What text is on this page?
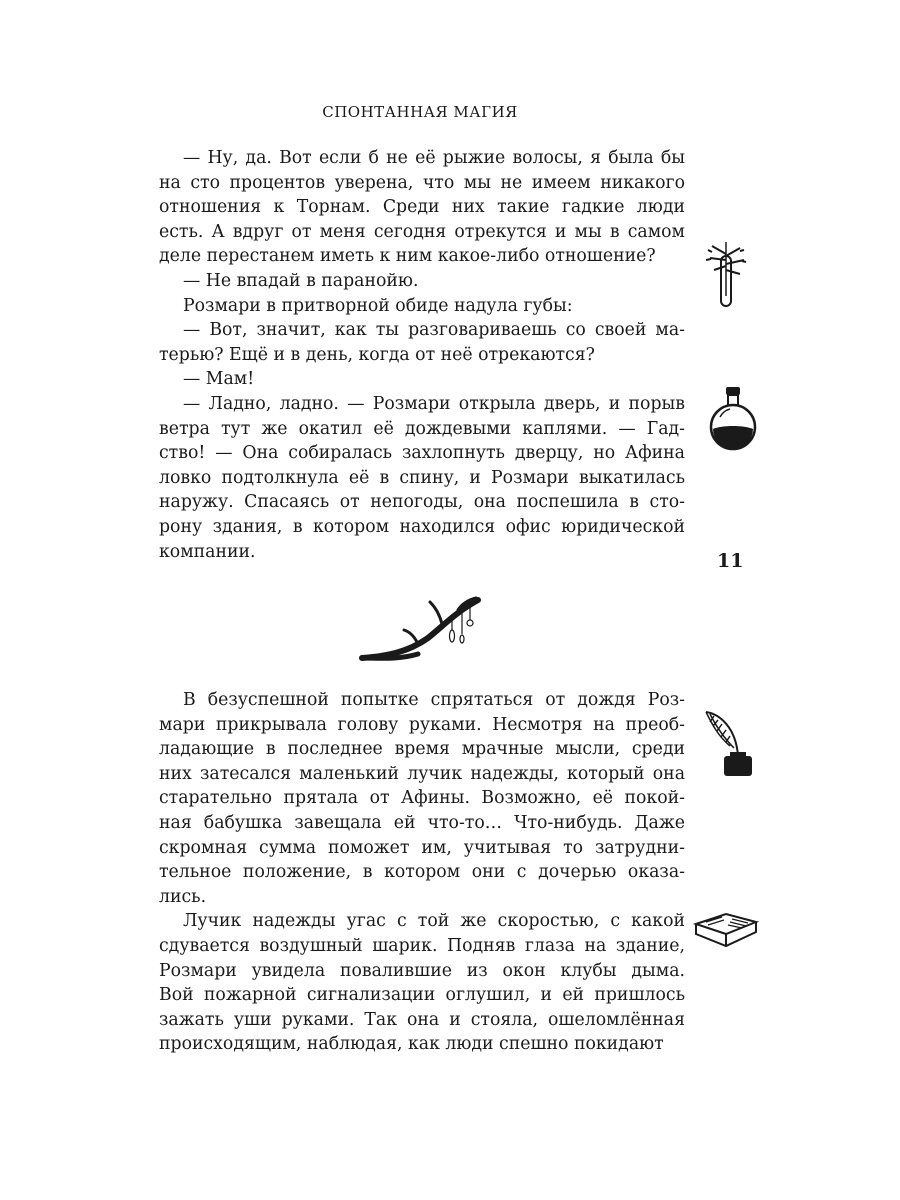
СПОНТАННАЯ МАГИЯ

— Ну, да. Вот если б не её рыжие волосы, я была бы
на сто процентов уверена, что мы не имеем никакого
отношения к Торнам. Среди них такие гадкие люди
есть. А вдруг от меня сегодня отрекутся и мы в самом
деле перестанем иметь к ним какое-либо отношение?

— Не впадай в паранойю.

Розмари в притворной обиде надула губы:

— Вот, значит, как ты разговариваешь со своей ма-
терью? Ещё и в день, когда от неё отрекаются?

— Мам!

— Ладно, ладно. — Розмари открыла дверь, и порыв
ветра тут же окатил её дождевыми каплями. — Гад-
ство! — Она собиралась захлопнуть дверцу, но Афина
ловко подтолкнула её в спину, и Розмари выкатилась
наружу. Спасаясь от непогоды, она поспешила в сто-
рону здания, в котором находился офис юридической
компании.

В безуспешной попытке спрятаться от дождя Роз-
мари прикрывала голову руками. Несмотря на преоб-
ладающие в последнее время мрачные мысли, среди
них затесался маленький лучик надежды, который она
старательно прятала от Афины. Возможно, её покой-
ная бабушка завещала ей что-то… Что-нибудь. Даже
скромная сумма поможет им, учитывая то затрудни-
тельное положение, в котором они с дочерью оказа-
лись.

Лучик надежды угас с той же скоростью, с какой
сдувается воздушный шарик. Подняв глаза на здание,
Розмари увидела повалившие из окон клубы дыма.
Вой пожарной сигнализации оглушил, и ей пришлось
зажать уши руками. Так она и стояла, ошеломлённая
происходящим, наблюдая, как люди спешно покидают

11
